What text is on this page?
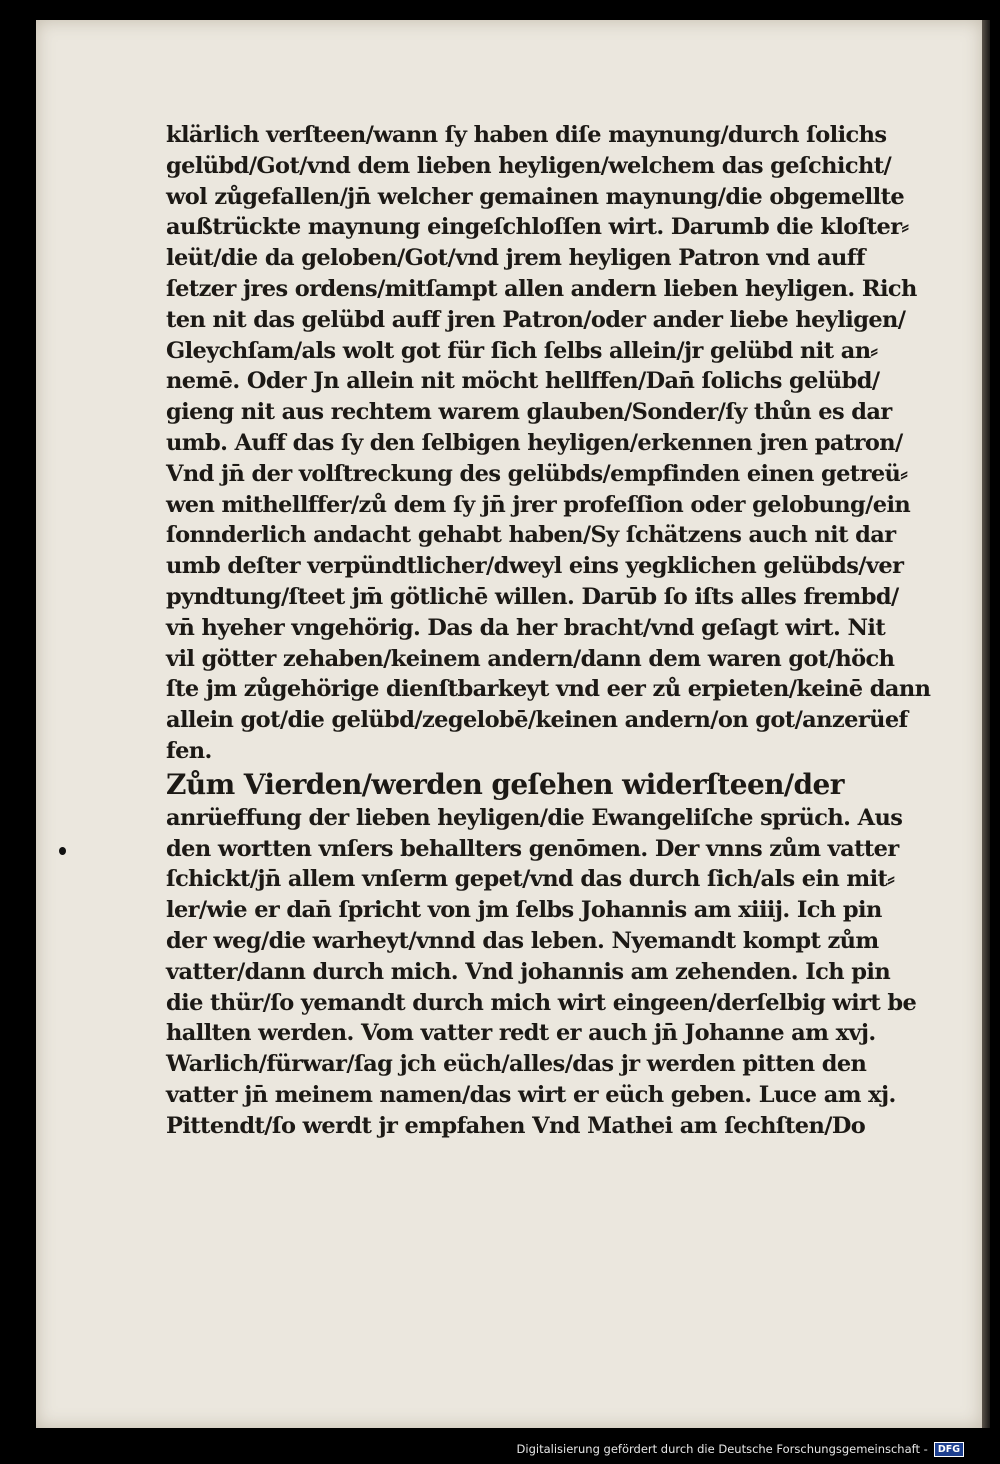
klärlich verſteen/wann ſy haben diſe maynung/durch ſolichs
gelübd/Got/vnd dem lieben heyligen/welchem das geſchicht/
wol zůgefallen/jn̄ welcher gemainen maynung/die obgemellte
außtrückte maynung eingeſchloſſen wirt. Darumb die kloſter⸗
leüt/die da geloben/Got/vnd jrem heyligen Patron vnd auff
ſetzer jres ordens/mitſampt allen andern lieben heyligen. Rich
ten nit das gelübd auff jren Patron/oder ander liebe heyligen/
Gleychſam/als wolt got für ſich ſelbs allein/jr gelübd nit an⸗
nemē. Oder Jn allein nit möcht hellffen/Dan̄ ſolichs gelübd/
gieng nit aus rechtem warem glauben/Sonder/ſy thůn es dar
umb. Auff das ſy den ſelbigen heyligen/erkennen jren patron/
Vnd jn̄ der volſtreckung des gelübds/empfinden einen getreü⸗
wen mithellffer/zů dem ſy jn̄ jrer profeſſion oder gelobung/ein
ſonnderlich andacht gehabt haben/Sy ſchätzens auch nit dar
umb deſter verpündtlicher/dweyl eins yegklichen gelübds/ver
pyndtung/ſteet jm̄ götlichē willen. Darūb ſo iſts alles frembd/
vn̄ hyeher vngehörig. Das da her bracht/vnd geſagt wirt. Nit
vil götter zehaben/keinem andern/dann dem waren got/höch
ſte jm zůgehörige dienſtbarkeyt vnd eer zů erpieten/keinē dann
allein got/die gelübd/zegelobē/keinen andern/on got/anzerüef
fen.
Zům Vierden/werden geſehen widerſteen/der
anrüeffung der lieben heyligen/die Ewangeliſche sprüch. Aus
den wortten vnſers behallters genōmen. Der vnns zům vatter
ſchickt/jn̄ allem vnſerm gepet/vnd das durch ſich/als ein mit⸗
ler/wie er dan̄ ſpricht von jm ſelbs Johannis am xiiij. Ich pin
der weg/die warheyt/vnnd das leben. Nyemandt kompt zům
vatter/dann durch mich. Vnd johannis am zehenden. Ich pin
die thür/ſo yemandt durch mich wirt eingeen/derſelbig wirt be
hallten werden. Vom vatter redt er auch jn̄ Johanne am xvj.
Warlich/fürwar/ſag jch eüch/alles/das jr werden pitten den
vatter jn̄ meinem namen/das wirt er eüch geben. Luce am xj.
Pittendt/ſo werdt jr empfahen Vnd Mathei am ſechſten/Do
Digitalisierung gefördert durch die Deutsche Forschungsgemeinschaft -	DFG
